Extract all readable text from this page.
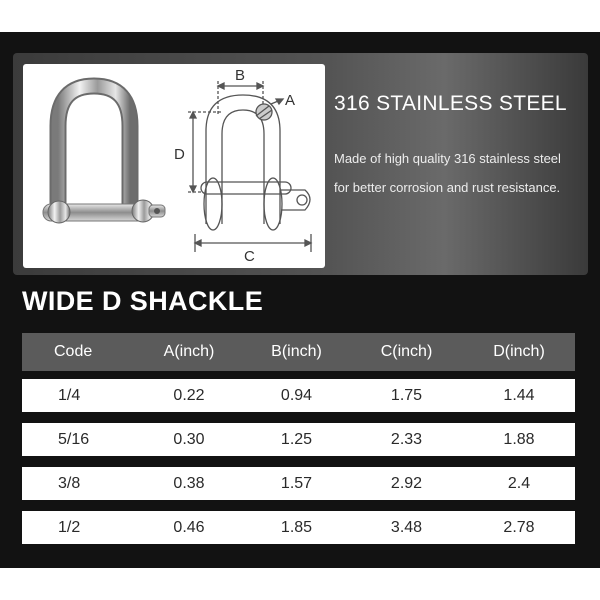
B
A
D
C
316 STAINLESS STEEL
Made of high quality 316 stainless steel for better corrosion and rust resistance.
WIDE D SHACKLE
Code	A(inch)	B(inch)	C(inch)	D(inch)
1/4	0.22	0.94	1.75	1.44
5/16	0.30	1.25	2.33	1.88
3/8	0.38	1.57	2.92	2.4
1/2	0.46	1.85	3.48	2.78
